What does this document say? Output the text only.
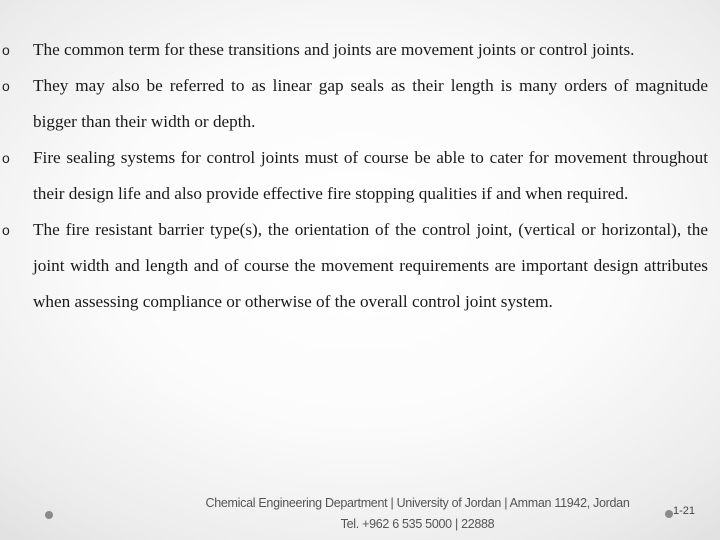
o The common term for these transitions and joints are movement joints or control joints.
o They may also be referred to as linear gap seals as their length is many orders of magnitude bigger than their width or depth.
o Fire sealing systems for control joints must of course be able to cater for movement throughout their design life and also provide effective fire stopping qualities if and when required.
o The fire resistant barrier type(s), the orientation of the control joint, (vertical or horizontal), the joint width and length and of course the movement requirements are important design attributes when assessing compliance or otherwise of the overall control joint system.
Chemical Engineering Department | University of Jordan | Amman 11942, Jordan
Tel. +962 6 535 5000 | 22888
1-21
